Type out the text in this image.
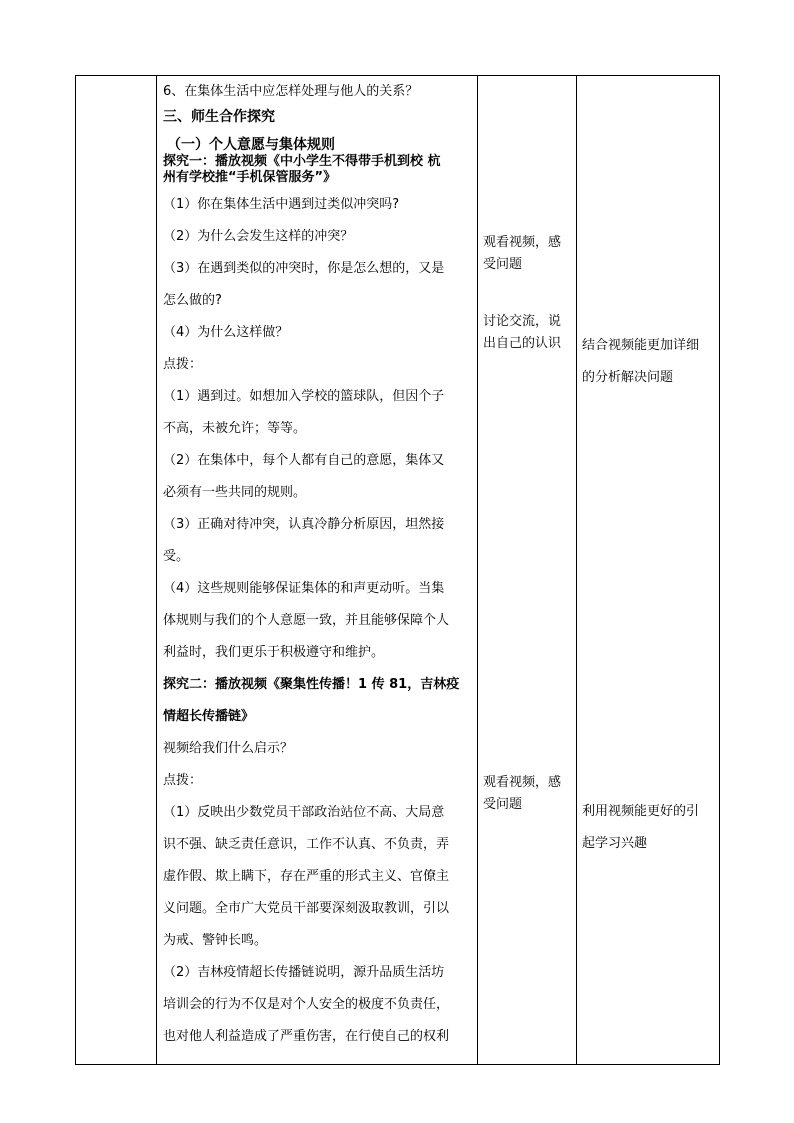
6、在集体生活中应怎样处理与他人的关系？

三、师生合作探究

（一）个人意愿与集体规则

探究一：播放视频《中小学生不得带手机到校 杭

州有学校推“手机保管服务”》

（1）你在集体生活中遇到过类似冲突吗?

（2）为什么会发生这样的冲突？

（3）在遇到类似的冲突时，你是怎么想的，又是

怎么做的?

（4）为什么这样做？

点拨：

（1）遇到过。如想加入学校的篮球队，但因个子

不高，未被允许；等等。

（2）在集体中，每个人都有自己的意愿，集体又

必须有一些共同的规则。

（3）正确对待冲突，认真冷静分析原因，坦然接

受。

（4）这些规则能够保证集体的和声更动听。当集

体规则与我们的个人意愿一致，并且能够保障个人

利益时，我们更乐于积极遵守和维护。

探究二：播放视频《聚集性传播！1 传 81，吉林疫

情超长传播链》

视频给我们什么启示？

点拨：

（1）反映出少数党员干部政治站位不高、大局意

识不强、缺乏责任意识，工作不认真、不负责，弄

虚作假、欺上瞒下，存在严重的形式主义、官僚主

义问题。全市广大党员干部要深刻汲取教训，引以

为戒、警钟长鸣。

（2）吉林疫情超长传播链说明，源升品质生活坊

培训会的行为不仅是对个人安全的极度不负责任，

也对他人利益造成了严重伤害，在行使自己的权利

观看视频，感
受问题
讨论交流，说
出自己的认识
观看视频，感
受问题
结合视频能更加详细
的分析解决问题
利用视频能更好的引
起学习兴趣
